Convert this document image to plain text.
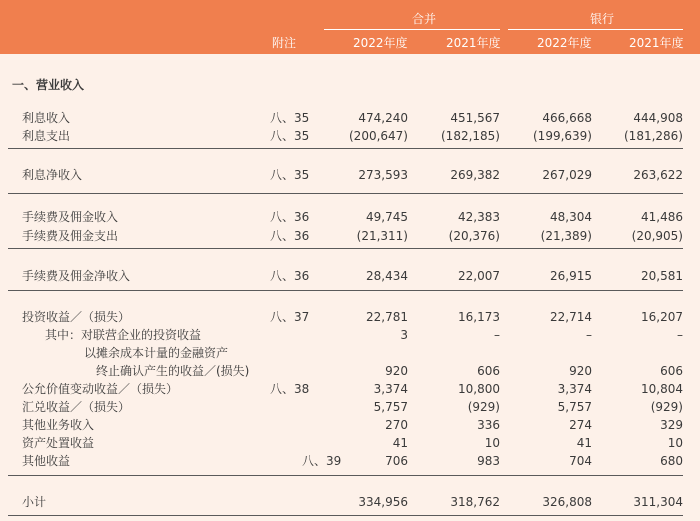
合并	银行
附注	2022年度	2021年度	2022年度	2021年度
一、营业收入
利息收入	八、35	474,240	451,567	466,668	444,908
利息支出	八、35	(200,647)	(182,185)	(199,639)	(181,286)
利息净收入	八、35	273,593	269,382	267,029	263,622
手续费及佣金收入	八、36	49,745	42,383	48,304	41,486
手续费及佣金支出	八、36	(21,311)	(20,376)	(21,389)	(20,905)
手续费及佣金净收入	八、36	28,434	22,007	26,915	20,581
投资收益／（损失）	八、37	22,781	16,173	22,714	16,207
其中：对联营企业的投资收益	3	–	–	–
以摊余成本计量的金融资产
终止确认产生的收益／(损失)	920	606	920	606
公允价值变动收益／（损失）	八、38	3,374	10,800	3,374	10,804
汇兑收益／（损失）	5,757	(929)	5,757	(929)
其他业务收入	270	336	274	329
资产处置收益	41	10	41	10
其他收益	八、39	706	983	704	680
小计	334,956	318,762	326,808	311,304
